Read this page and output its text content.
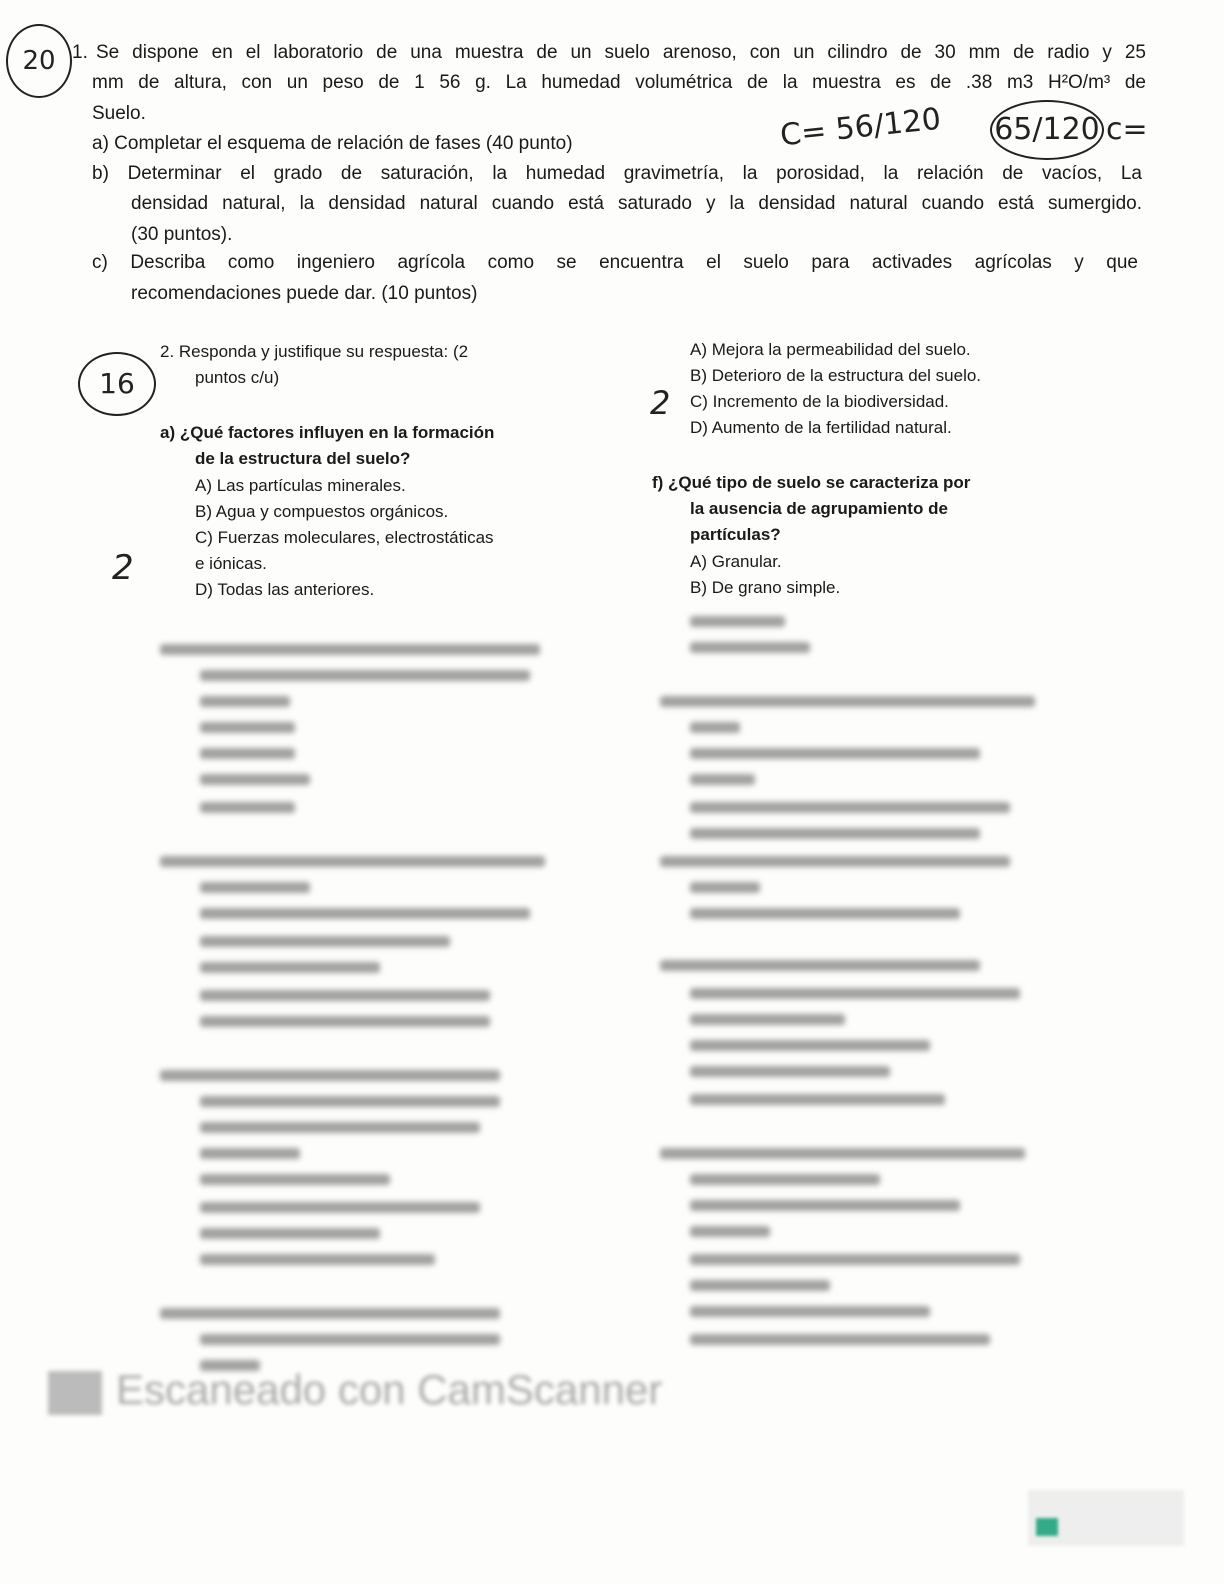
20
16
C= 56/120 65/120 c=
2
2
1. Se dispone en el laboratorio de una muestra de un suelo arenoso, con un cilindro de 30 mm de radio y 25
mm de altura, con un peso de 1 56 g. La humedad volumétrica de la muestra es de .38 m3 H²O/m³ de
Suelo.
a) Completar el esquema de relación de fases (40 punto)
b) Determinar el grado de saturación, la humedad gravimetría, la porosidad, la relación de vacíos, La
densidad natural, la densidad natural cuando está saturado y la densidad natural cuando está sumergido.
(30 puntos).
c) Describa como ingeniero agrícola como se encuentra el suelo para activades agrícolas y que
recomendaciones puede dar. (10 puntos)
2. Responda y justifique su respuesta: (2
puntos c/u)
a) ¿Qué factores influyen en la formación
de la estructura del suelo?
A) Las partículas minerales.
B) Agua y compuestos orgánicos.
C) Fuerzas moleculares, electrostáticas
e iónicas.
D) Todas las anteriores.
A) Mejora la permeabilidad del suelo.
B) Deterioro de la estructura del suelo.
C) Incremento de la biodiversidad.
D) Aumento de la fertilidad natural.
f) ¿Qué tipo de suelo se caracteriza por
la ausencia de agrupamiento de
partículas?
A) Granular.
B) De grano simple.
Escaneado con CamScanner
